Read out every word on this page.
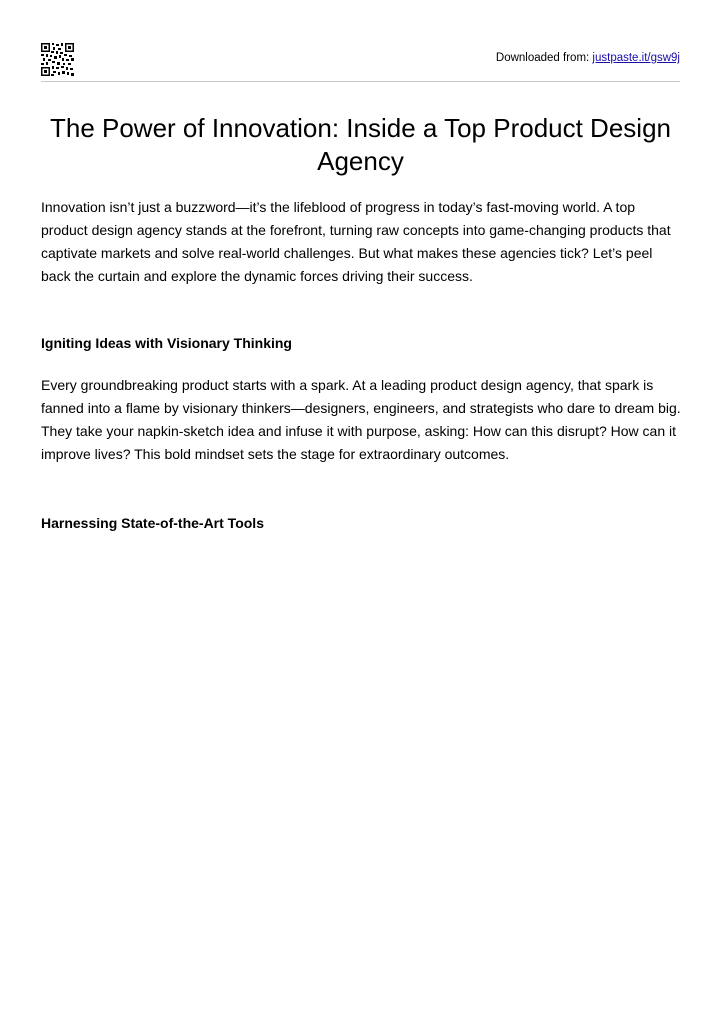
Downloaded from: justpaste.it/gsw9j
The Power of Innovation: Inside a Top Product Design Agency

Innovation isn’t just a buzzword—it’s the lifeblood of progress in today’s fast-moving world. A top product design agency stands at the forefront, turning raw concepts into game-changing products that captivate markets and solve real-world challenges. But what makes these agencies tick? Let’s peel back the curtain and explore the dynamic forces driving their success.

Igniting Ideas with Visionary Thinking

Every groundbreaking product starts with a spark. At a leading product design agency, that spark is fanned into a flame by visionary thinkers—designers, engineers, and strategists who dare to dream big. They take your napkin-sketch idea and infuse it with purpose, asking: How can this disrupt? How can it improve lives? This bold mindset sets the stage for extraordinary outcomes.

Harnessing State-of-the-Art Tools
